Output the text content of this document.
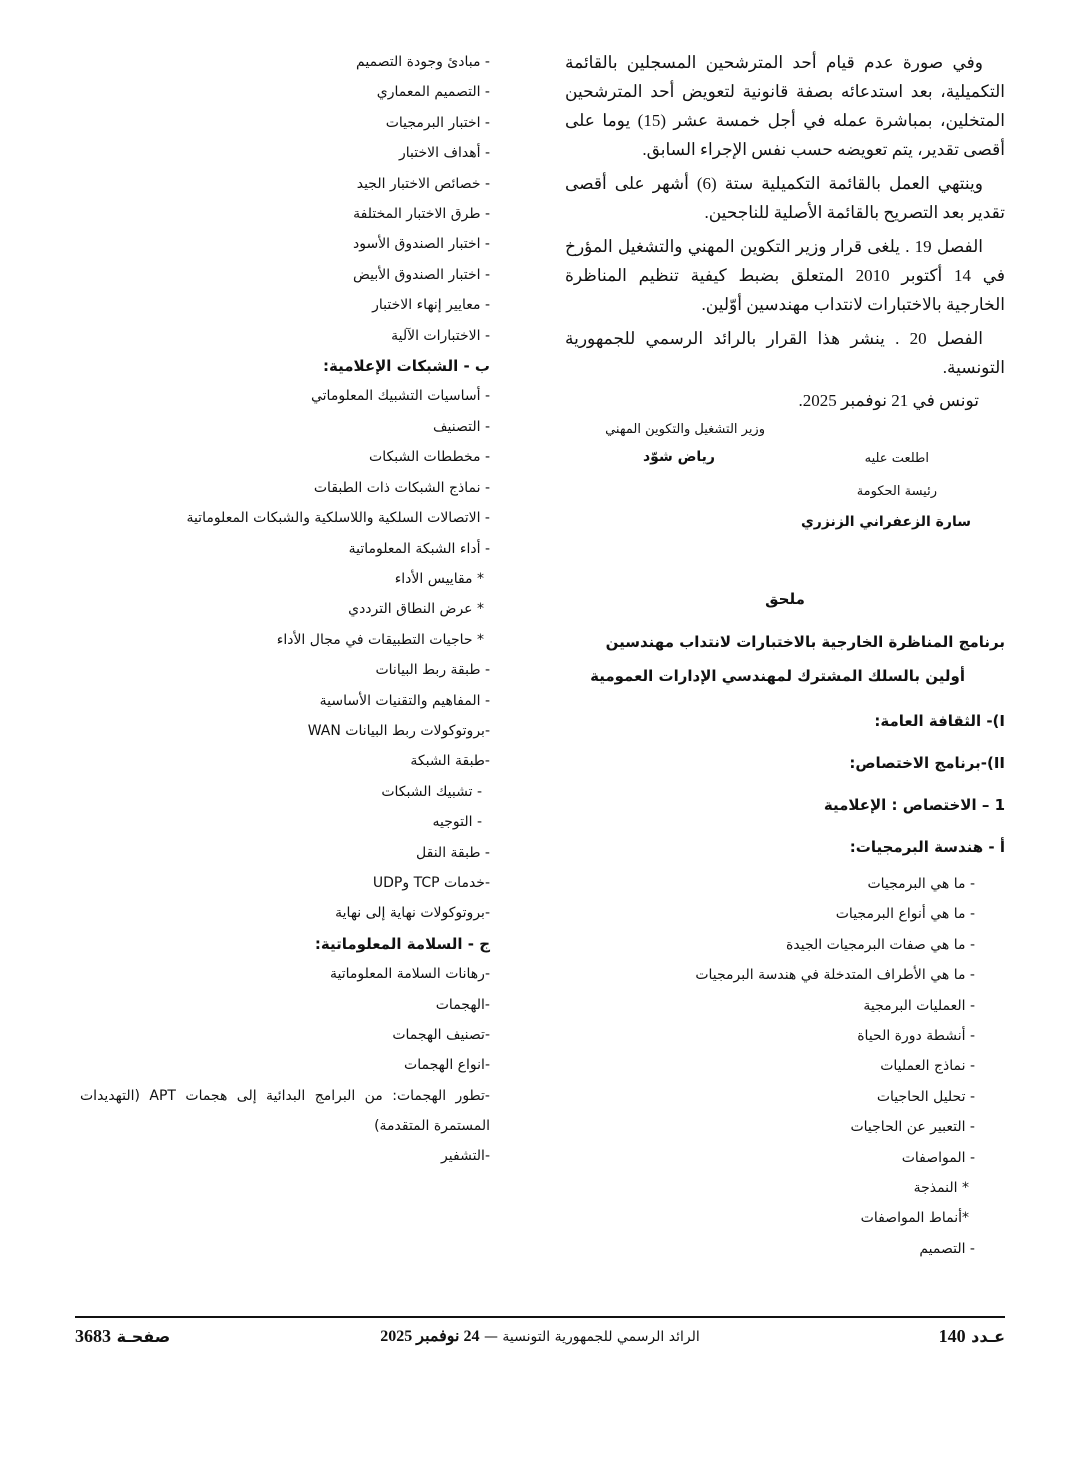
وفي صورة عدم قيام أحد المترشحين المسجلين بالقائمة التكميلية، بعد استدعائه بصفة قانونية لتعويض أحد المترشحين المتخلين، بمباشرة عمله في أجل خمسة عشر (15) يوما على أقصى تقدير، يتم تعويضه حسب نفس الإجراء السابق.

وينتهي العمل بالقائمة التكميلية ستة (6) أشهر على أقصى تقدير بعد التصريح بالقائمة الأصلية للناجحين.

الفصل 19 . يلغى قرار وزير التكوين المهني والتشغيل المؤرخ في 14 أكتوبر 2010 المتعلق بضبط كيفية تنظيم المناظرة الخارجية بالاختبارات لانتداب مهندسين أوّلين.

الفصل 20 . ينشر هذا القرار بالرائد الرسمي للجمهورية التونسية.

تونس في 21 نوفمبر 2025.
وزير التشغيل والتكوين المهني
اطلعت عليه
رياض شوّد
رئيسة الحكومة
سارة الزعفراني الزنزري
ملحق
برنامج المناظرة الخارجية بالاختبارات لانتداب مهندسين
أولين بالسلك المشترك لمهندسي الإدارات العمومية
I)- الثقافة العامة:
II)-برنامج الاختصاص:
1 – الاختصاص : الإعلامية
أ - هندسة البرمجيات:
- ما هي البرمجيات
- ما هي أنواع البرمجيات
- ما هي صفات البرمجيات الجيدة
- ما هي الأطراف المتدخلة في هندسة البرمجيات
- العمليات البرمجية
- أنشطة دورة الحياة
- نماذج العمليات
- تحليل الحاجيات
- التعبير عن الحاجيات
- المواصفات
* النمذجة
*أنماط المواصفات
- التصميم
- مبادئ وجودة التصميم
- التصميم المعماري
- اختبار البرمجيات
- أهداف الاختبار
- خصائص الاختبار الجيد
- طرق الاختبار المختلفة
- اختبار الصندوق الأسود
- اختبار الصندوق الأبيض
- معايير إنهاء الاختبار
- الاختبارات الآلية
ب - الشبكات الإعلامية:
- أساسيات التشبيك المعلوماتي
- التصنيف
- مخططات الشبكات
- نماذج الشبكات ذات الطبقات
- الاتصالات السلكية واللاسلكية والشبكات المعلوماتية
- أداء الشبكة المعلوماتية
* مقاييس الأداء
* عرض النطاق الترددي
* حاجيات التطبيقات في مجال الأداء
- طبقة ربط البيانات
- المفاهيم والتقنيات الأساسية
-بروتوكولات ربط البيانات WAN
-طبقة الشبكة
- تشبيك الشبكات
- التوجيه
- طبقة النقل
-خدمات TCP وUDP
-بروتوكولات نهاية إلى نهاية
ج - السلامة المعلوماتية:
-رهانات السلامة المعلوماتية
-الهجمات
-تصنيف الهجمات
-انواع الهجمات
-تطور الهجمات: من البرامج البدائية إلى هجمات APT (التهديدات المستمرة المتقدمة)
-التشفير
عـدد 140
الرائد الرسمي للجمهورية التونسية — 24 نوفمبر 2025
صفحـة 3683
